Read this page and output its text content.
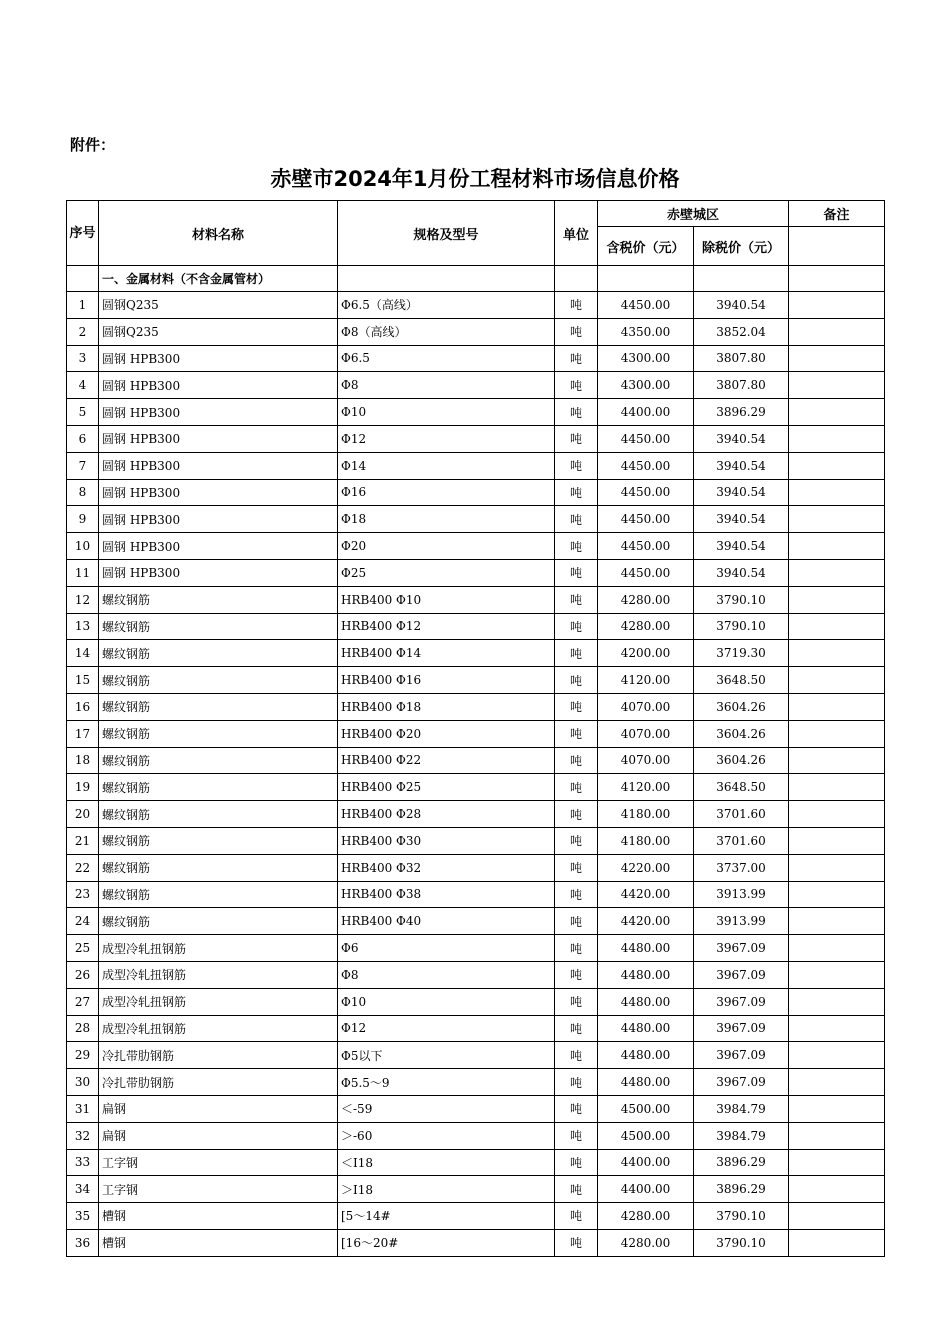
附件：
赤壁市2024年1月份工程材料市场信息价格
序号	材料名称	规格及型号	单位	赤壁城区		备注
				含税价（元）	除税价（元）	
	一、金属材料（不含金属管材）					
1	圆钢Q235	Φ6.5（高线）	吨	4450.00	3940.54	
2	圆钢Q235	Φ8（高线）	吨	4350.00	3852.04	
3	圆钢 HPB300	Φ6.5	吨	4300.00	3807.80	
4	圆钢 HPB300	Φ8	吨	4300.00	3807.80	
5	圆钢 HPB300	Φ10	吨	4400.00	3896.29	
6	圆钢 HPB300	Φ12	吨	4450.00	3940.54	
7	圆钢 HPB300	Φ14	吨	4450.00	3940.54	
8	圆钢 HPB300	Φ16	吨	4450.00	3940.54	
9	圆钢 HPB300	Φ18	吨	4450.00	3940.54	
10	圆钢 HPB300	Φ20	吨	4450.00	3940.54	
11	圆钢 HPB300	Φ25	吨	4450.00	3940.54	
12	螺纹钢筋	HRB400 Φ10	吨	4280.00	3790.10	
13	螺纹钢筋	HRB400 Φ12	吨	4280.00	3790.10	
14	螺纹钢筋	HRB400 Φ14	吨	4200.00	3719.30	
15	螺纹钢筋	HRB400 Φ16	吨	4120.00	3648.50	
16	螺纹钢筋	HRB400 Φ18	吨	4070.00	3604.26	
17	螺纹钢筋	HRB400 Φ20	吨	4070.00	3604.26	
18	螺纹钢筋	HRB400 Φ22	吨	4070.00	3604.26	
19	螺纹钢筋	HRB400 Φ25	吨	4120.00	3648.50	
20	螺纹钢筋	HRB400 Φ28	吨	4180.00	3701.60	
21	螺纹钢筋	HRB400 Φ30	吨	4180.00	3701.60	
22	螺纹钢筋	HRB400 Φ32	吨	4220.00	3737.00	
23	螺纹钢筋	HRB400 Φ38	吨	4420.00	3913.99	
24	螺纹钢筋	HRB400 Φ40	吨	4420.00	3913.99	
25	成型冷轧扭钢筋	Φ6	吨	4480.00	3967.09	
26	成型冷轧扭钢筋	Φ8	吨	4480.00	3967.09	
27	成型冷轧扭钢筋	Φ10	吨	4480.00	3967.09	
28	成型冷轧扭钢筋	Φ12	吨	4480.00	3967.09	
29	冷扎带肋钢筋	Φ5以下	吨	4480.00	3967.09	
30	冷扎带肋钢筋	Φ5.5～9	吨	4480.00	3967.09	
31	扁钢	＜-59	吨	4500.00	3984.79	
32	扁钢	＞-60	吨	4500.00	3984.79	
33	工字钢	＜Ⅰ18	吨	4400.00	3896.29	
34	工字钢	＞Ⅰ18	吨	4400.00	3896.29	
35	槽钢	[5～14#	吨	4280.00	3790.10	
36	槽钢	[16～20#	吨	4280.00	3790.10	
